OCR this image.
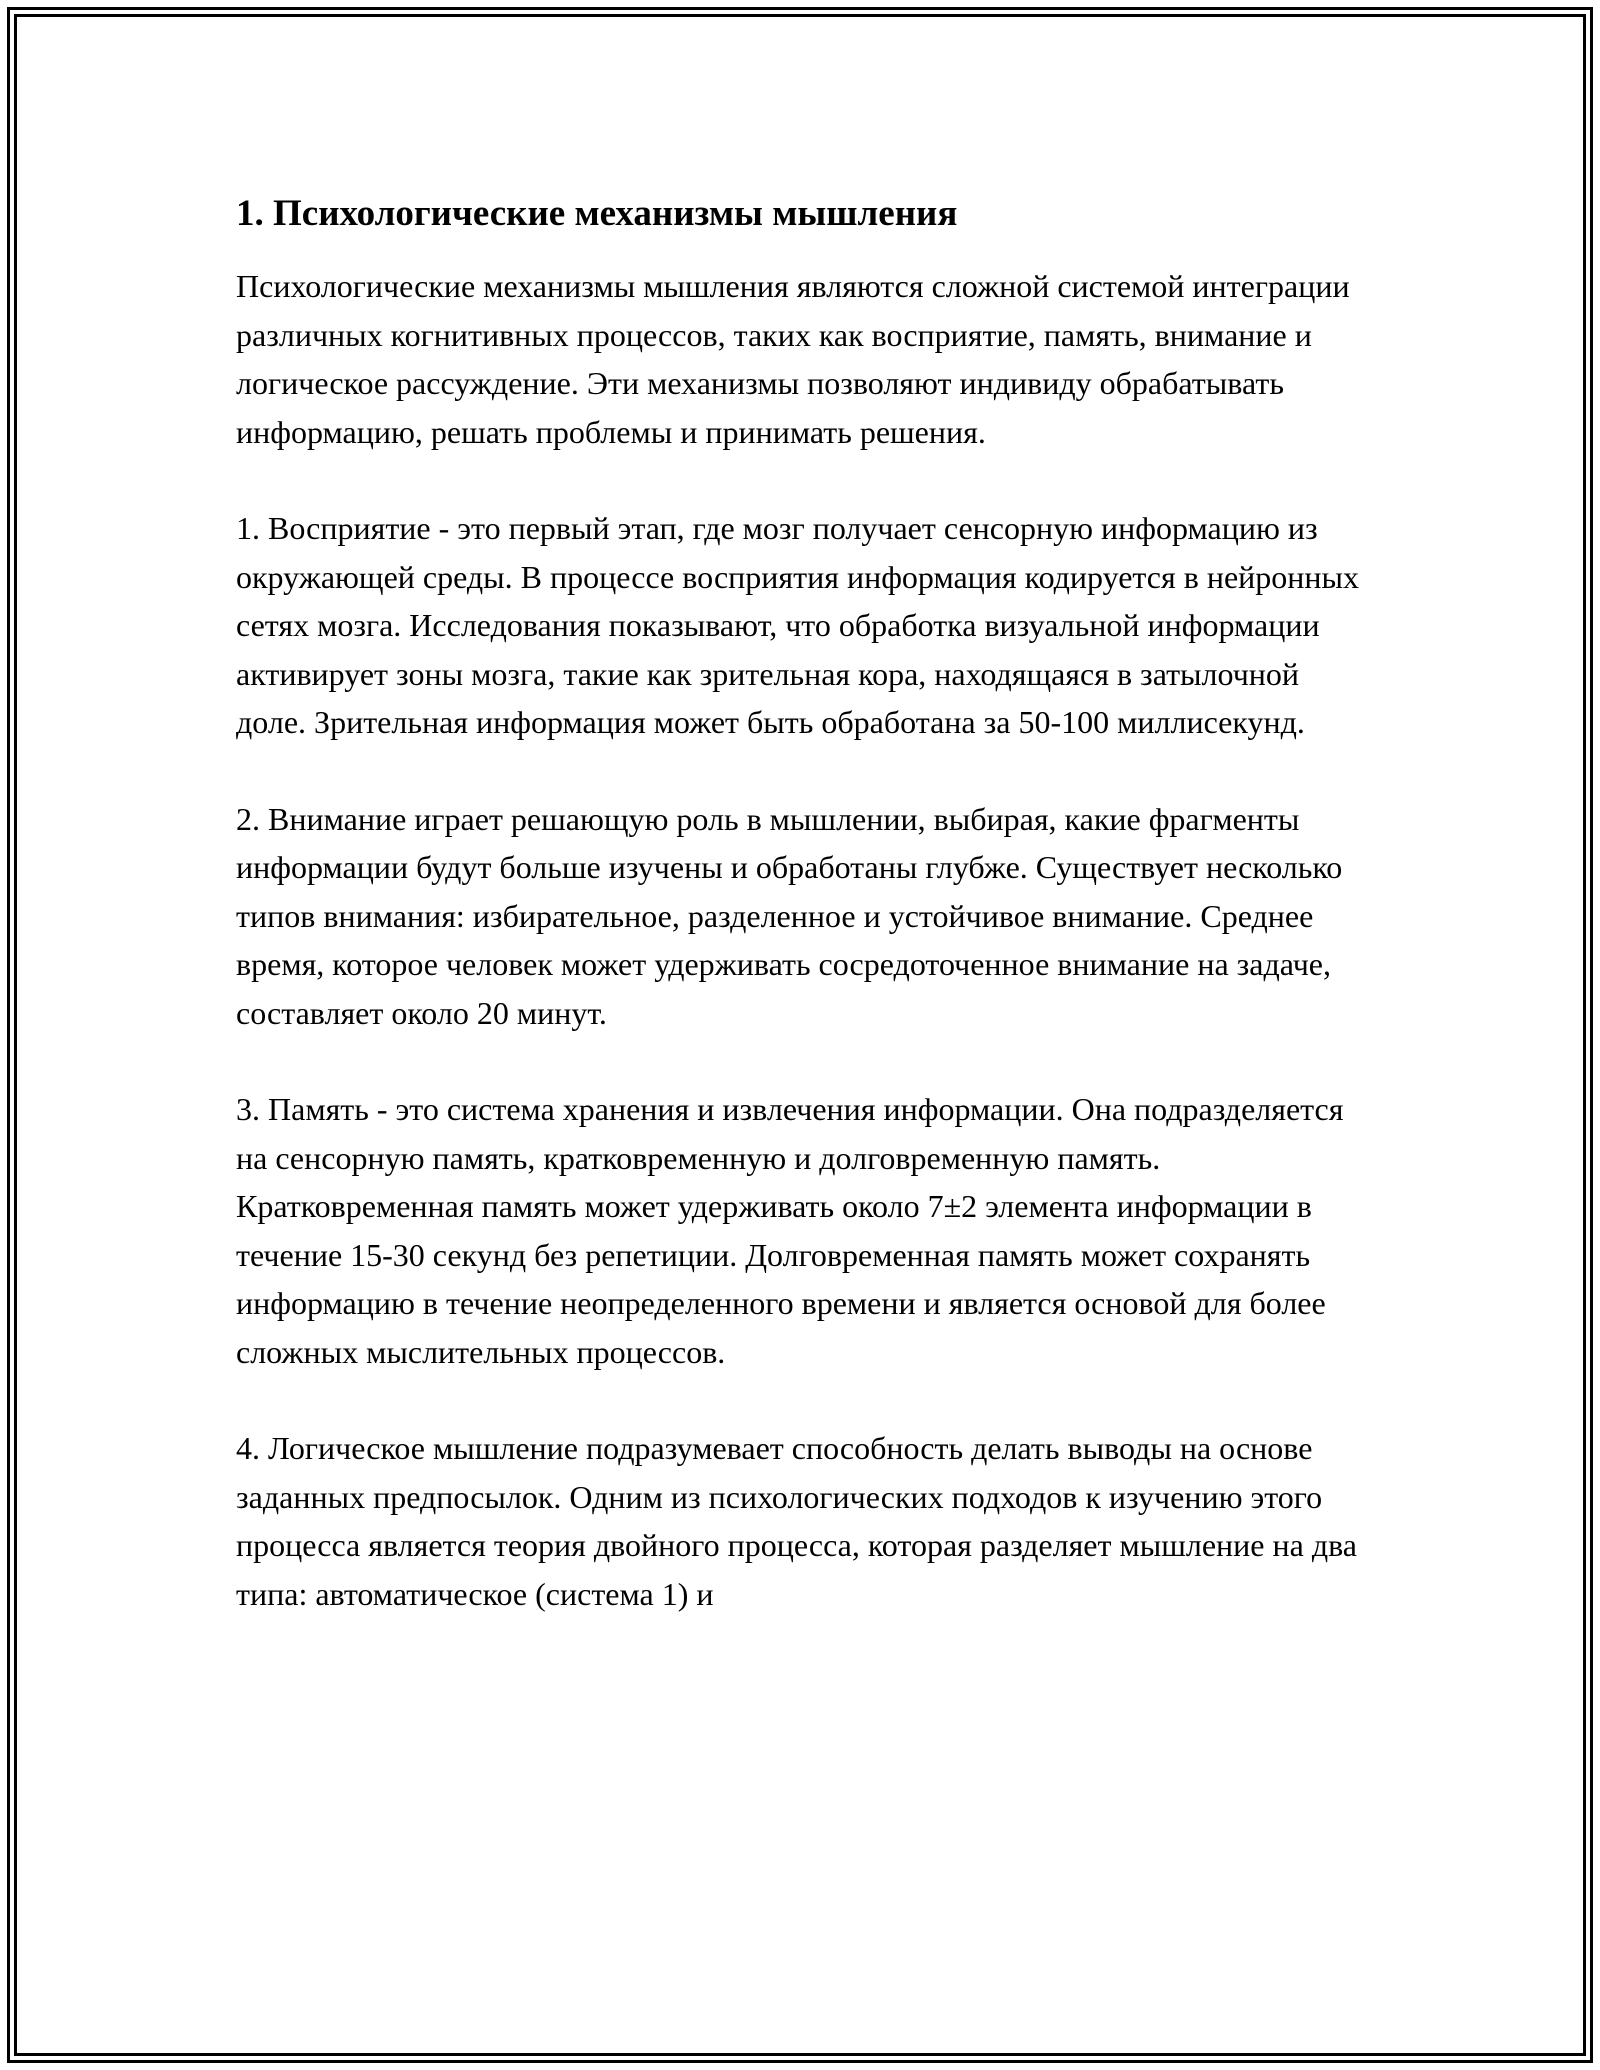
1. Психологические механизмы мышления

Психологические механизмы мышления являются сложной системой интеграции различных когнитивных процессов, таких как восприятие, память, внимание и логическое рассуждение. Эти механизмы позволяют индивиду обрабатывать информацию, решать проблемы и принимать решения.

1. Восприятие - это первый этап, где мозг получает сенсорную информацию из окружающей среды. В процессе восприятия информация кодируется в нейронных сетях мозга. Исследования показывают, что обработка визуальной информации активирует зоны мозга, такие как зрительная кора, находящаяся в затылочной доле. Зрительная информация может быть обработана за 50-100 миллисекунд.

2. Внимание играет решающую роль в мышлении, выбирая, какие фрагменты информации будут больше изучены и обработаны глубже. Существует несколько типов внимания: избирательное, разделенное и устойчивое внимание. Среднее время, которое человек может удерживать сосредоточенное внимание на задаче, составляет около 20 минут.

3. Память - это система хранения и извлечения информации. Она подразделяется на сенсорную память, кратковременную и долговременную память. Кратковременная память может удерживать около 7±2 элемента информации в течение 15-30 секунд без репетиции. Долговременная память может сохранять информацию в течение неопределенного времени и является основой для более сложных мыслительных процессов.

4. Логическое мышление подразумевает способность делать выводы на основе заданных предпосылок. Одним из психологических подходов к изучению этого процесса является теория двойного процесса, которая разделяет мышление на два типа: автоматическое (система 1) и
